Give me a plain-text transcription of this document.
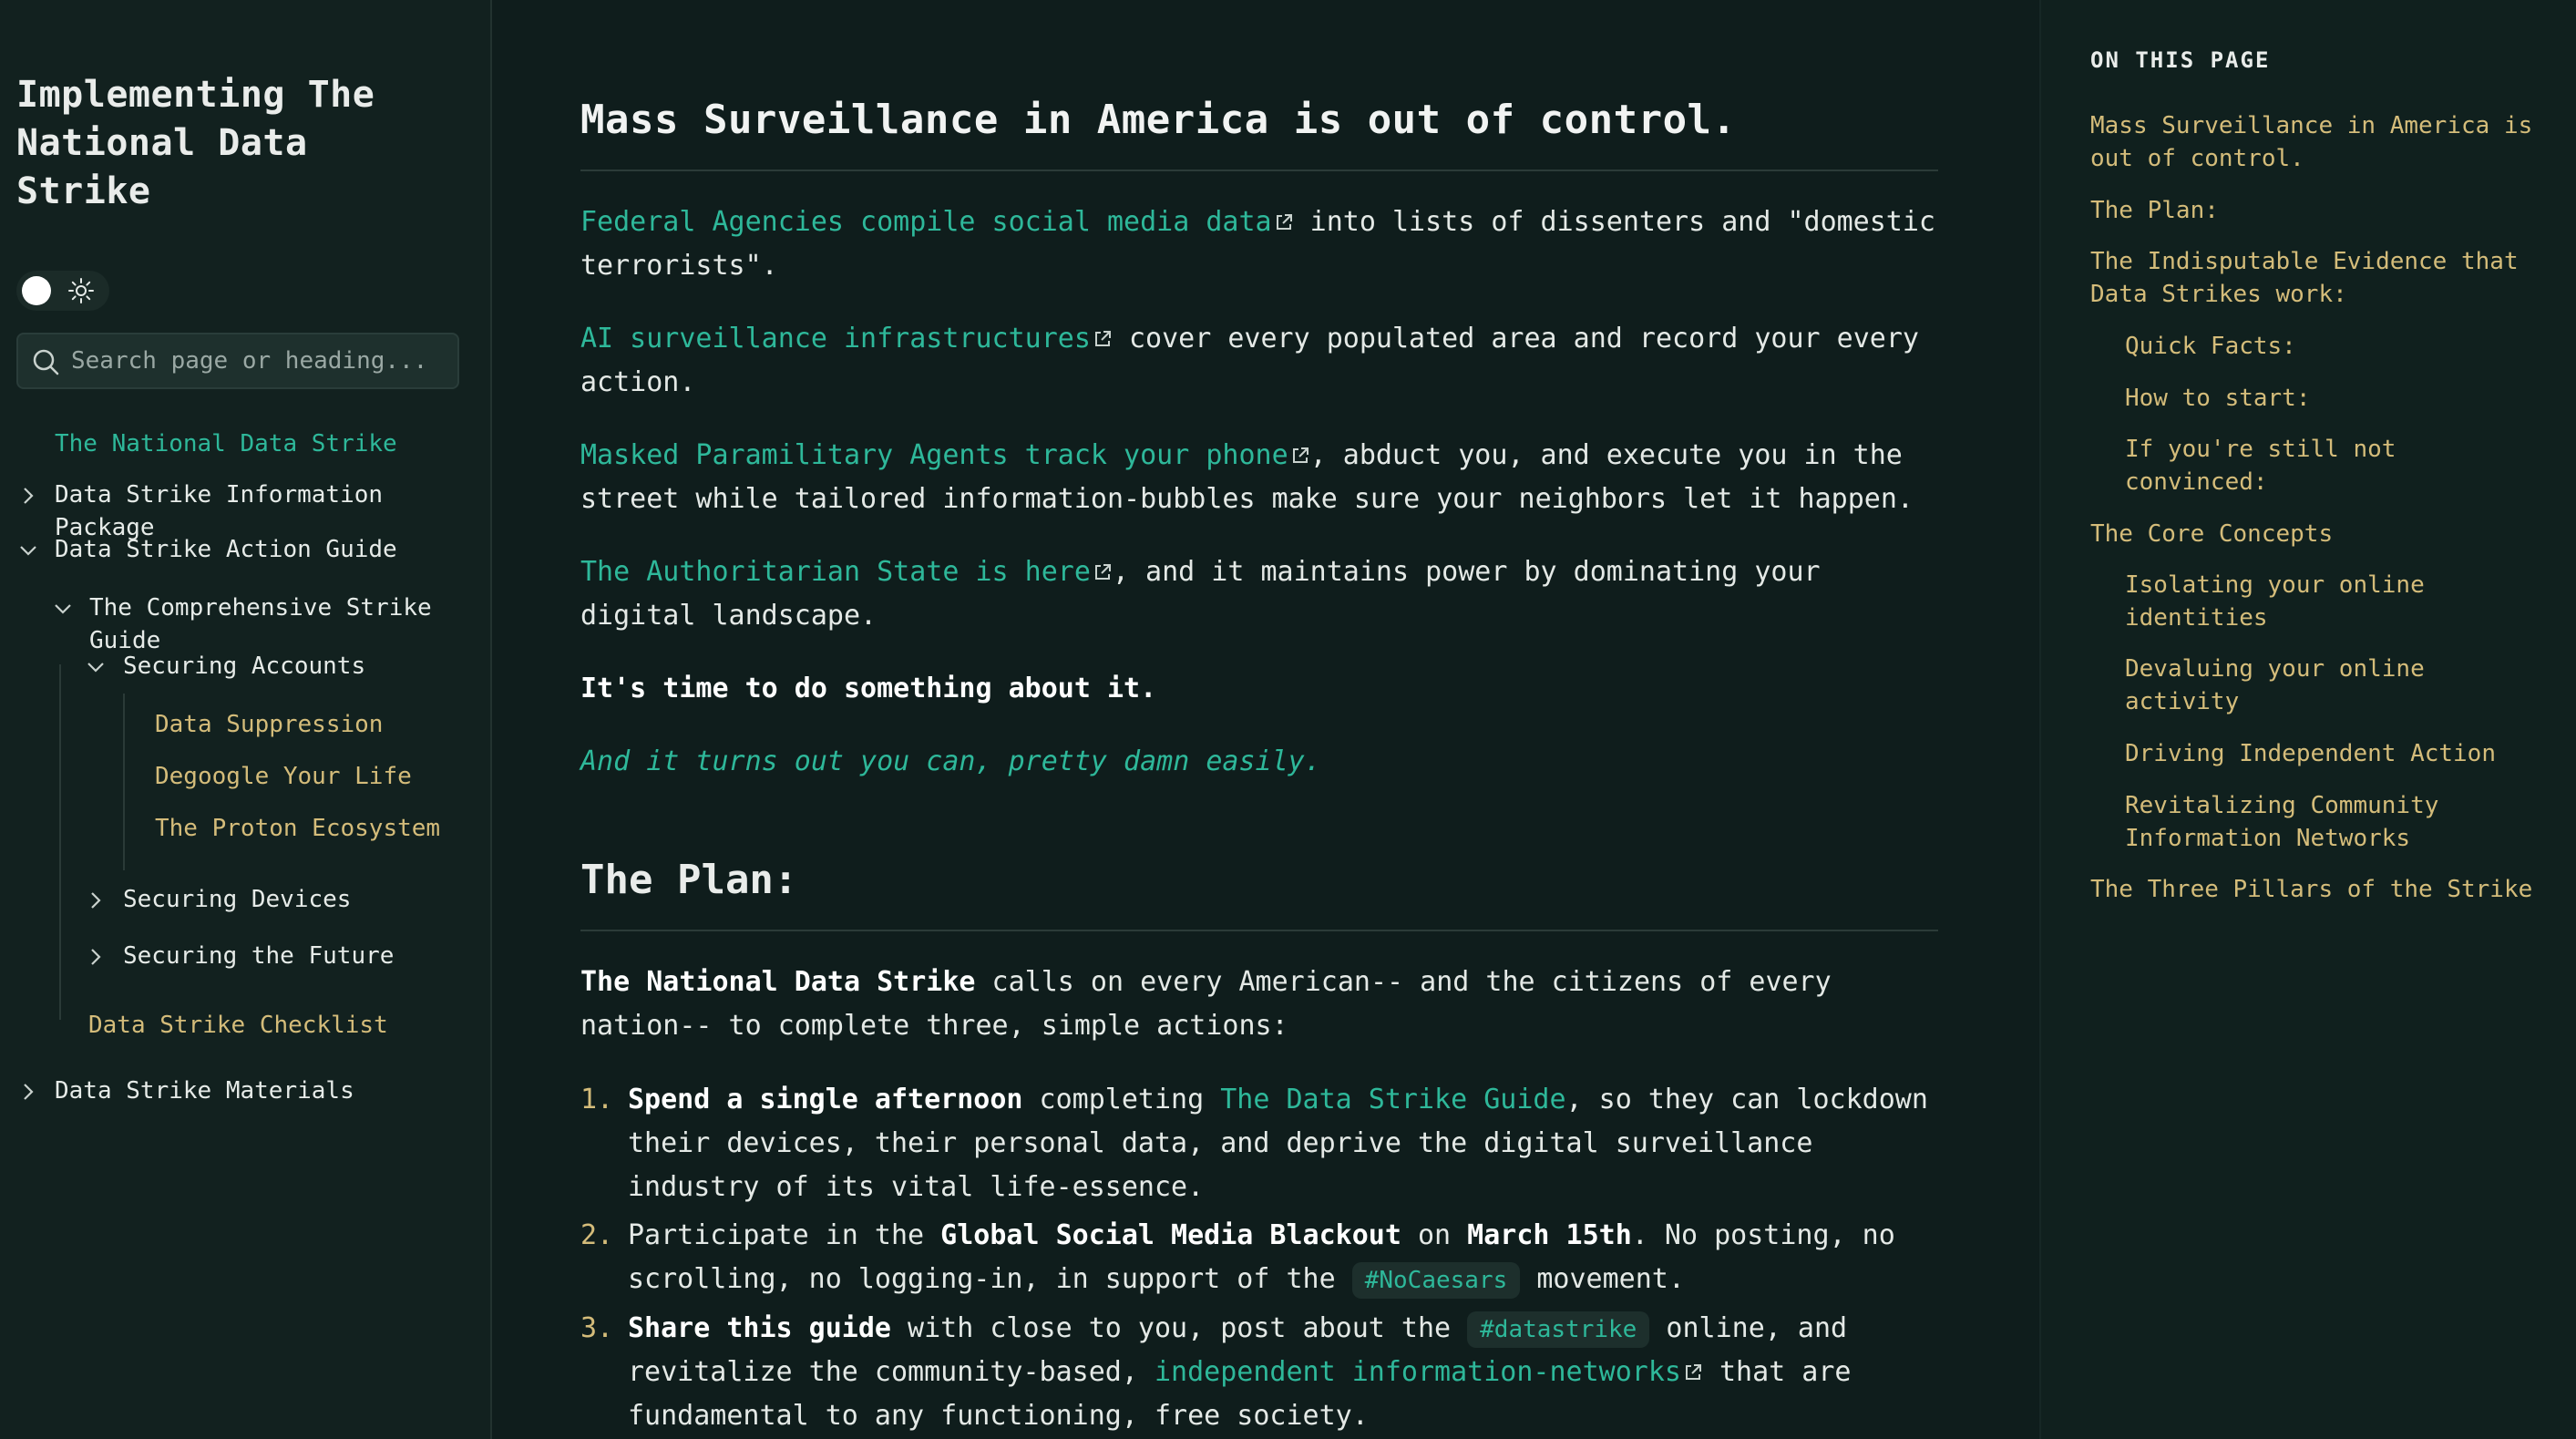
Implementing The National Data Strike
Search page or heading...
The National Data Strike
Data Strike Information Package
Data Strike Action Guide
The Comprehensive Strike Guide
Securing Accounts
Data Suppression
Degoogle Your Life
The Proton Ecosystem
Securing Devices
Securing the Future
Data Strike Checklist
Data Strike Materials
Mass Surveillance in America is out of control.
Federal Agencies compile social media data into lists of dissenters and "domestic terrorists".
AI surveillance infrastructures cover every populated area and record your every action.
Masked Paramilitary Agents track your phone , abduct you, and execute you in the street while tailored information-bubbles make sure your neighbors let it happen.
The Authoritarian State is here , and it maintains power by dominating your digital landscape.
It's time to do something about it.
And it turns out you can, pretty damn easily.
The Plan:
The National Data Strike calls on every American-- and the citizens of every nation-- to complete three, simple actions:
1. Spend a single afternoon completing The Data Strike Guide, so they can lockdown their devices, their personal data, and deprive the digital surveillance industry of its vital life-essence.
2. Participate in the Global Social Media Blackout on March 15th. No posting, no scrolling, no logging-in, in support of the #NoCaesars movement.
3. Share this guide with close to you, post about the #datastrike online, and revitalize the community-based, independent information-networks that are fundamental to any functioning, free society.
ON THIS PAGE
Mass Surveillance in America is out of control.
The Plan:
The Indisputable Evidence that Data Strikes work:
Quick Facts:
How to start:
If you're still not convinced:
The Core Concepts
Isolating your online identities
Devaluing your online activity
Driving Independent Action
Revitalizing Community Information Networks
The Three Pillars of the Strike
